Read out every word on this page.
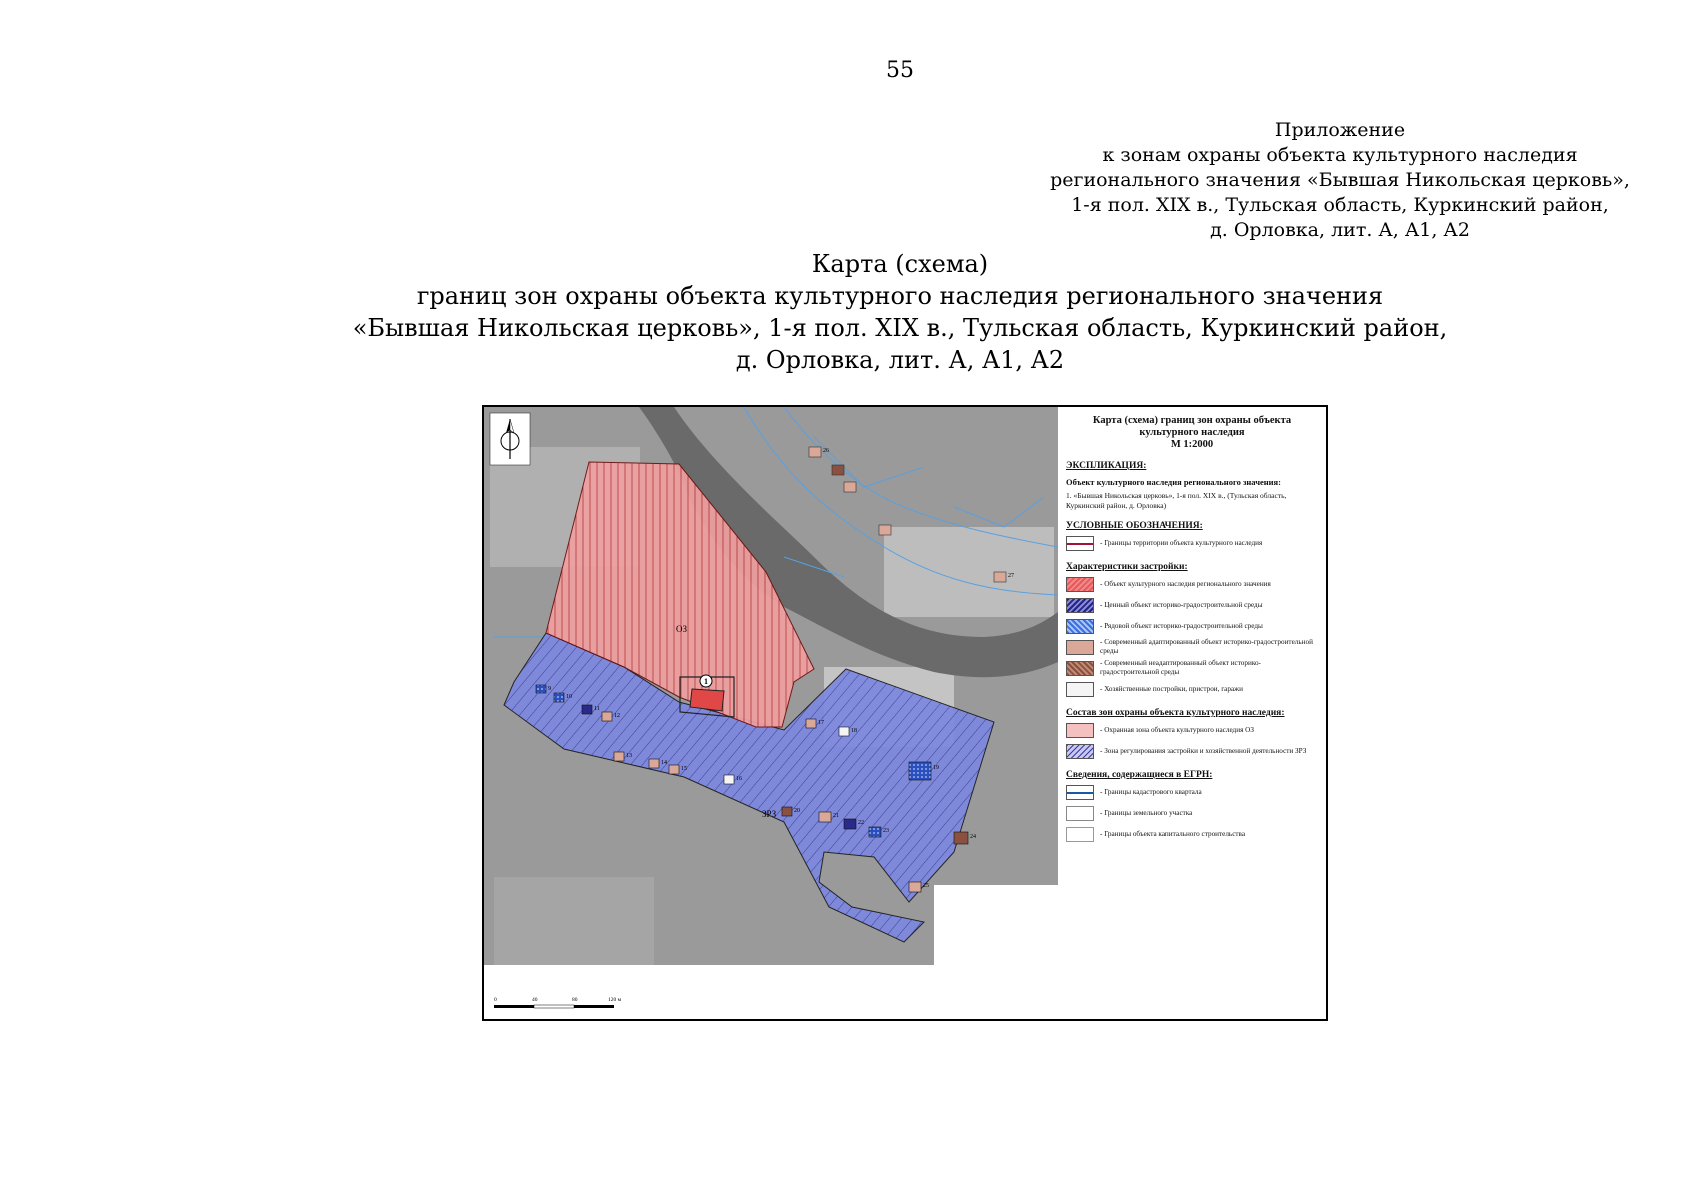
55
Приложение
к зонам охраны объекта культурного наследия
регионального значения «Бывшая Никольская церковь»,
1-я пол. XIX в., Тульская область, Куркинский район,
д. Орловка, лит. А, А1, А2
Карта (схема)
границ зон охраны объекта культурного наследия регионального значения
«Бывшая Никольская церковь», 1-я пол. XIX в., Тульская область, Куркинский район,
д. Орловка, лит. А, А1, А2
1
ОЗ
ЗРЗ
9
10
11
12
13
14
15
16
17
18
19
20
21
22
23
24
25
26
27
0	40	80	120 м
Карта (схема) границ зон охраны объекта культурного наследия
М 1:2000
ЭКСПЛИКАЦИЯ:
Объект культурного наследия регионального значения:
1. «Бывшая Никольская церковь», 1-я пол. XIX в., (Тульская область, Куркинский район, д. Орловка)
УСЛОВНЫЕ ОБОЗНАЧЕНИЯ:
- Границы территории объекта культурного наследия
Характеристики застройки:
- Объект культурного наследия регионального значения
- Ценный объект историко-градостроительной среды
- Рядовой объект историко-градостроительной среды
- Современный адаптированный объект историко-градостроительной среды
- Современный неадаптированный объект историко-градостроительной среды
- Хозяйственные постройки, пристрои, гаражи
Состав зон охраны объекта культурного наследия:
- Охранная зона объекта культурного наследия ОЗ
- Зона регулирования застройки и хозяйственной деятельности ЗРЗ
Сведения, содержащиеся в ЕГРН:
- Границы кадастрового квартала
- Границы земельного участка
- Границы объекта капитального строительства
